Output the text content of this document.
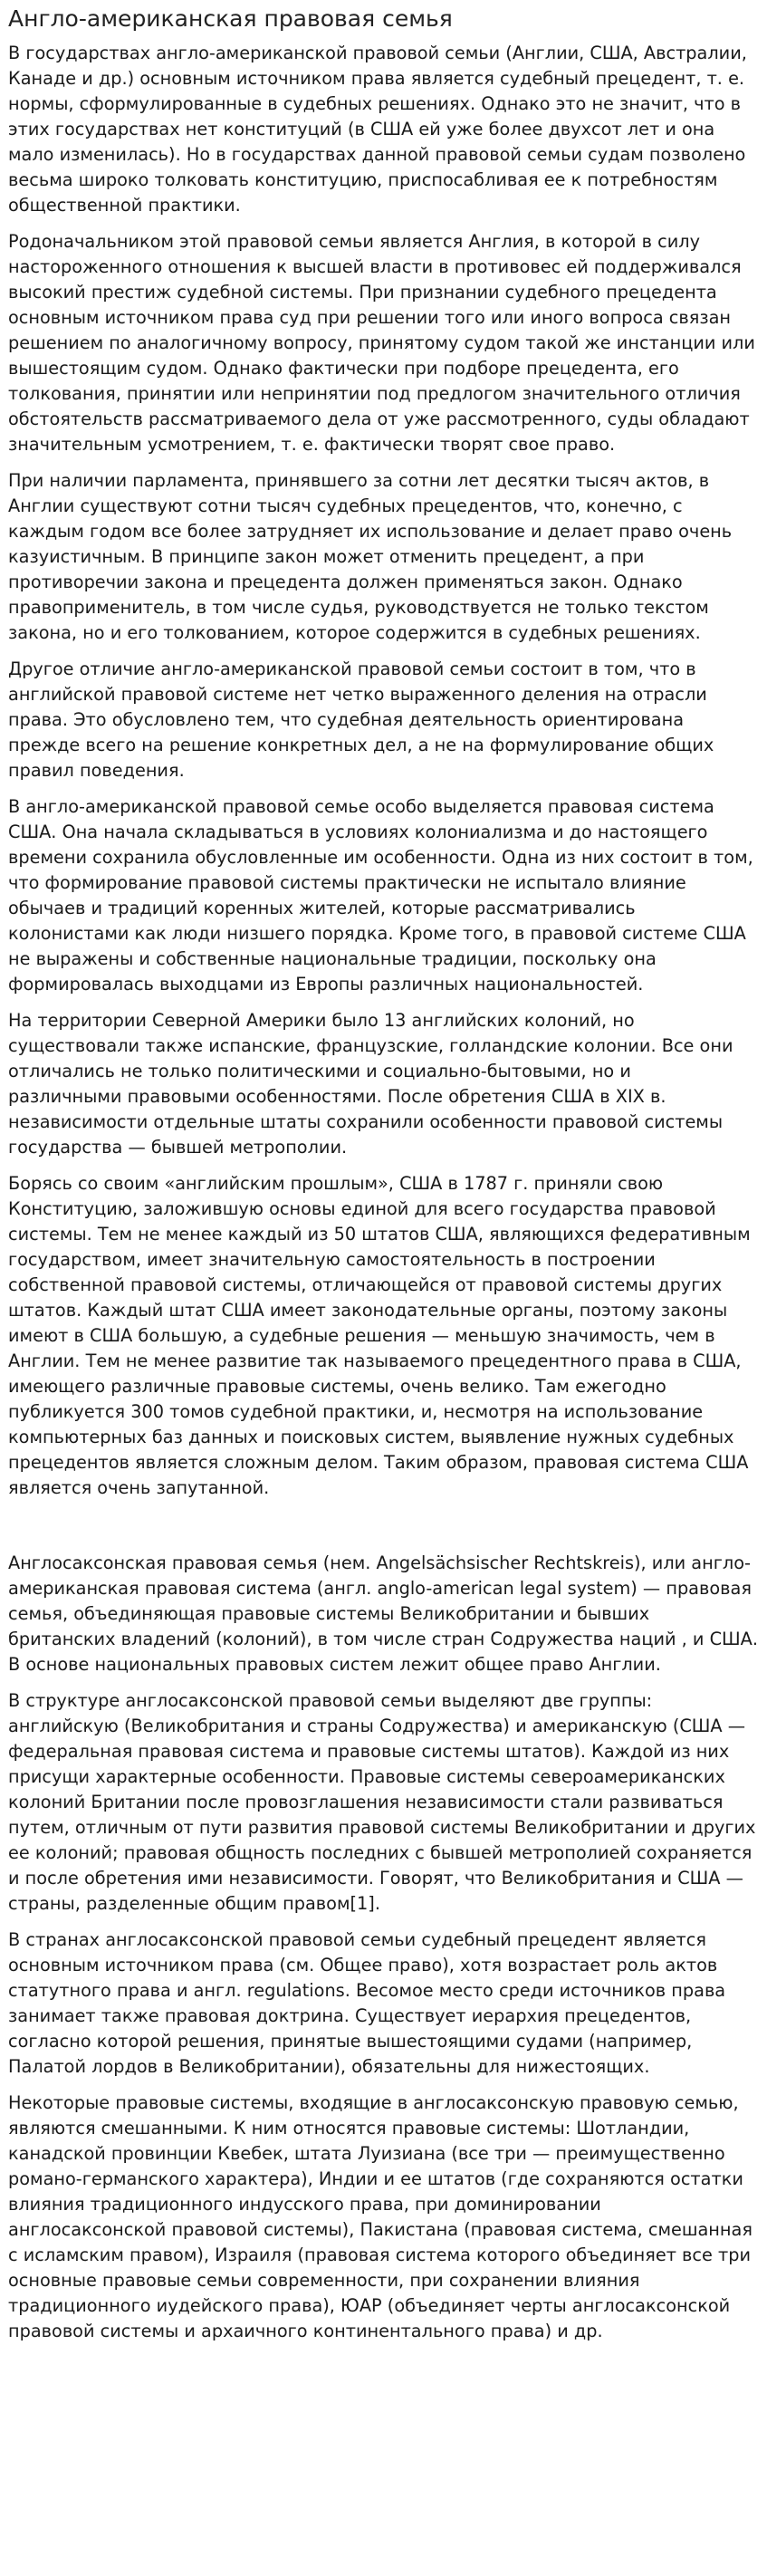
Англо-американская правовая семья

В государствах англо-американской правовой семьи (Англии, США, Австралии, Канаде и др.) основным источником права является судебный прецедент, т. е. нормы, сформулированные в судебных решениях. Однако это не значит, что в этих государствах нет конституций (в США ей уже более двухсот лет и она мало изменилась). Но в государствах данной правовой семьи судам позволено весьма широко толковать конституцию, приспосабливая ее к потребностям общественной практики.

Родоначальником этой правовой семьи является Англия, в которой в силу настороженного отношения к высшей власти в противовес ей поддерживался высокий престиж судебной системы. При признании судебного прецедента основным источником права суд при решении того или иного вопроса связан решением по аналогичному вопросу, принятому судом такой же инстанции или вышестоящим судом. Однако фактически при подборе прецедента, его толкования, принятии или непринятии под предлогом значительного отличия обстоятельств рассматриваемого дела от уже рассмотренного, суды обладают значительным усмотрением, т. е. фактически творят свое право.

При наличии парламента, принявшего за сотни лет десятки тысяч актов, в Англии существуют сотни тысяч судебных прецедентов, что, конечно, с каждым годом все более затрудняет их использование и делает право очень казуистичным. В принципе закон может отменить прецедент, а при противоречии закона и прецедента должен применяться закон. Однако правоприменитель, в том числе судья, руководствуется не только текстом закона, но и его толкованием, которое содержится в судебных решениях.

Другое отличие англо-американской правовой семьи состоит в том, что в английской правовой системе нет четко выраженного деления на отрасли права. Это обусловлено тем, что судебная деятельность ориентирована прежде всего на решение конкретных дел, а не на формулирование общих правил поведения.

В англо-американской правовой семье особо выделяется правовая система США. Она начала складываться в условиях колониализма и до настоящего времени сохранила обусловленные им особенности. Одна из них состоит в том, что формирование правовой системы практически не испытало влияние обычаев и традиций коренных жителей, которые рассматривались колонистами как люди низшего порядка. Кроме того, в правовой системе США не выражены и собственные национальные традиции, поскольку она формировалась выходцами из Европы различных национальностей.

На территории Северной Америки было 13 английских колоний, но существовали также испанские, французские, голландские колонии. Все они отличались не только политическими и социально-бытовыми, но и
различными правовыми особенностями. После обретения США в XIX в. независимости отдельные штаты сохранили особенности правовой системы государства — бывшей метрополии.

Борясь со своим «английским прошлым», США в 1787 г. приняли свою Конституцию, заложившую основы единой для всего государства правовой системы. Тем не менее каждый из 50 штатов США, являющихся федеративным государством, имеет значительную самостоятельность в построении собственной правовой системы, отличающейся от правовой системы других штатов. Каждый штат США имеет законодательные органы, поэтому законы имеют в США большую, а судебные решения — меньшую значимость, чем в Англии. Тем не менее развитие так называемого прецедентного права в США, имеющего различные правовые системы, очень велико. Там ежегодно публикуется 300 томов судебной практики, и, несмотря на использование компьютерных баз данных и поисковых систем, выявление нужных судебных прецедентов является сложным делом. Таким образом, правовая система США является очень запутанной.

Англосаксонская правовая семья (нем. Angelsächsischer Rechtskreis), или англо-американская правовая система (англ. anglo-american legal system) — правовая семья, объединяющая правовые системы Великобритании и бывших британских владений (колоний), в том числе стран Содружества наций , и США. В основе национальных правовых систем лежит общее право Англии.

В структуре англосаксонской правовой семьи выделяют две группы: английскую (Великобритания и страны Содружества) и американскую (США — федеральная правовая система и правовые системы штатов). Каждой из них присущи характерные особенности. Правовые системы североамериканских колоний Британии после провозглашения независимости стали развиваться путем, отличным от пути развития правовой системы Великобритании и других ее колоний; правовая общность последних с бывшей метрополией сохраняется и после обретения ими независимости. Говорят, что Великобритания и США — страны, разделенные общим правом[1].

В странах англосаксонской правовой семьи судебный прецедент является основным источником права (см. Общее право), хотя возрастает роль актов статутного права и англ. regulations. Весомое место среди источников права занимает также правовая доктрина. Существует иерархия прецедентов, согласно которой решения, принятые вышестоящими судами (например, Палатой лордов в Великобритании), обязательны для нижестоящих.

Некоторые правовые системы, входящие в англосаксонскую правовую семью, являются смешанными. К ним относятся правовые системы: Шотландии, канадской провинции Квебек, штата Луизиана (все три — преимущественно романо-германского характера), Индии и ее штатов (где сохраняются остатки влияния традиционного индусского права, при доминировании англосаксонской правовой системы), Пакистана (правовая система, смешанная с исламским правом), Израиля (правовая система которого объединяет все три основные правовые семьи современности, при сохранении влияния традиционного иудейского права), ЮАР (объединяет черты англосаксонской правовой системы и архаичного континентального права) и др.
